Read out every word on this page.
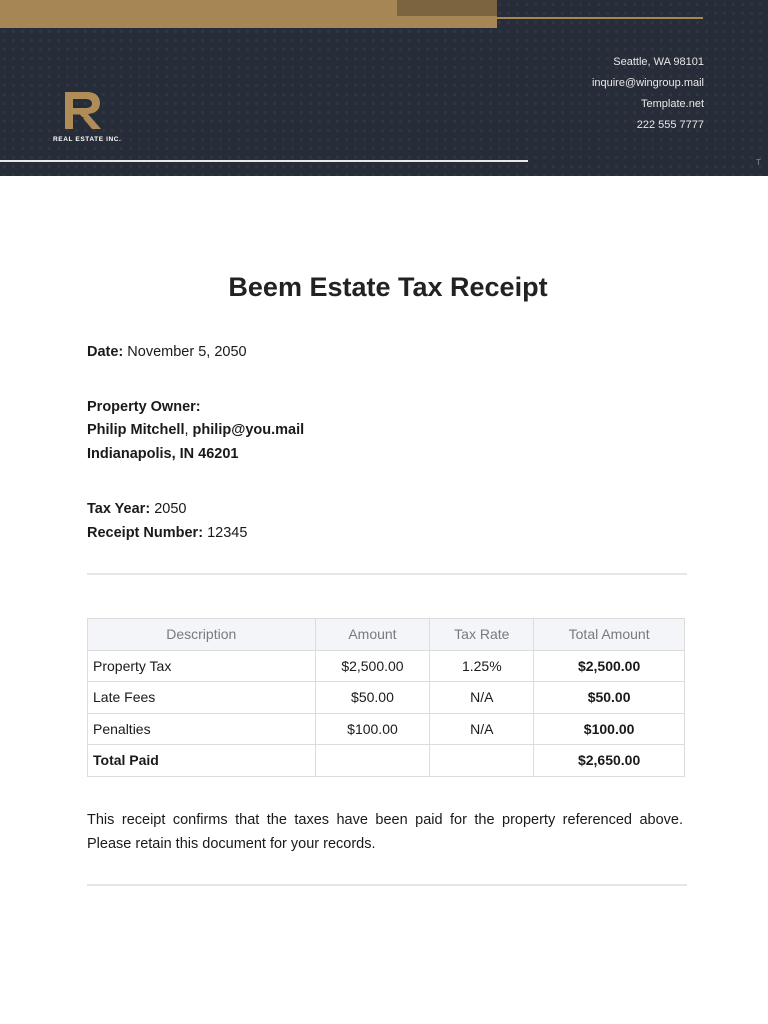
REAL ESTATE INC.
Seattle, WA 98101
inquire@wingroup.mail
Template.net
222 555 7777
T
Beem Estate Tax Receipt
Date: November 5, 2050
Property Owner:
Philip Mitchell, philip@you.mail
Indianapolis, IN 46201
Tax Year: 2050
Receipt Number: 12345
Description	Amount	Tax Rate	Total Amount
Property Tax	$2,500.00	1.25%	$2,500.00
Late Fees	$50.00	N/A	$50.00
Penalties	$100.00	N/A	$100.00
Total Paid			$2,650.00
This receipt confirms that the taxes have been paid for the property referenced above. Please retain this document for your records.
